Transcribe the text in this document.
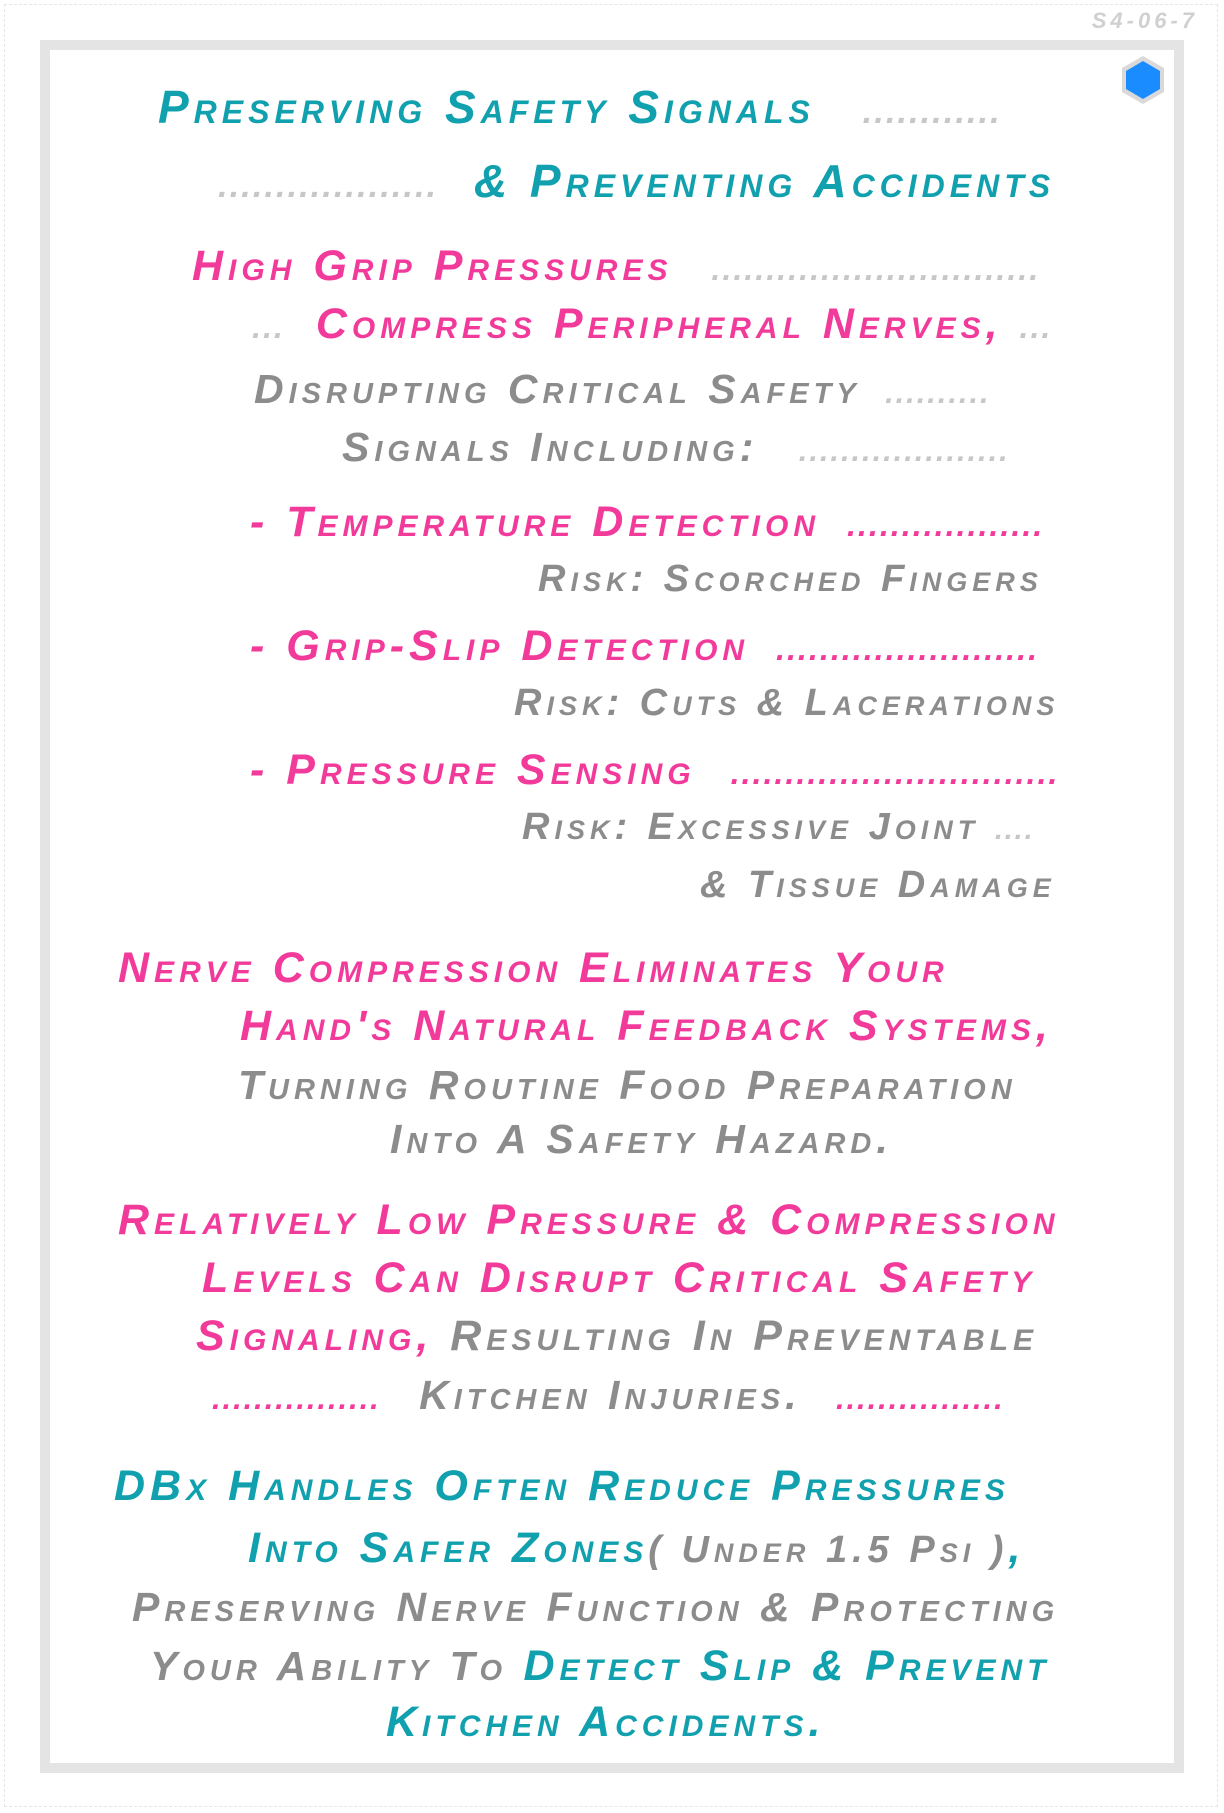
S4-06-7
Preserving Safety Signals ............
................... & Preventing Accidents
High Grip Pressures ..............................
... Compress Peripheral Nerves, ...
Disrupting Critical Safety ..........
Signals Including: ....................
- Temperature Detection ..................
Risk: Scorched Fingers
- Grip-Slip Detection ........................
Risk: Cuts & Lacerations
- Pressure Sensing ..............................
Risk: Excessive Joint ....
& Tissue Damage
Nerve Compression Eliminates Your
Hand's Natural Feedback Systems,
Turning Routine Food Preparation
Into A Safety Hazard.
Relatively Low Pressure & Compression
Levels Can Disrupt Critical Safety
Signaling, Resulting In Preventable
................ Kitchen Injuries. ................
DBx Handles Often Reduce Pressures
Into Safer Zones( Under 1.5 Psi ),
Preserving Nerve Function & Protecting
Your Ability To Detect Slip & Prevent
Kitchen Accidents.
